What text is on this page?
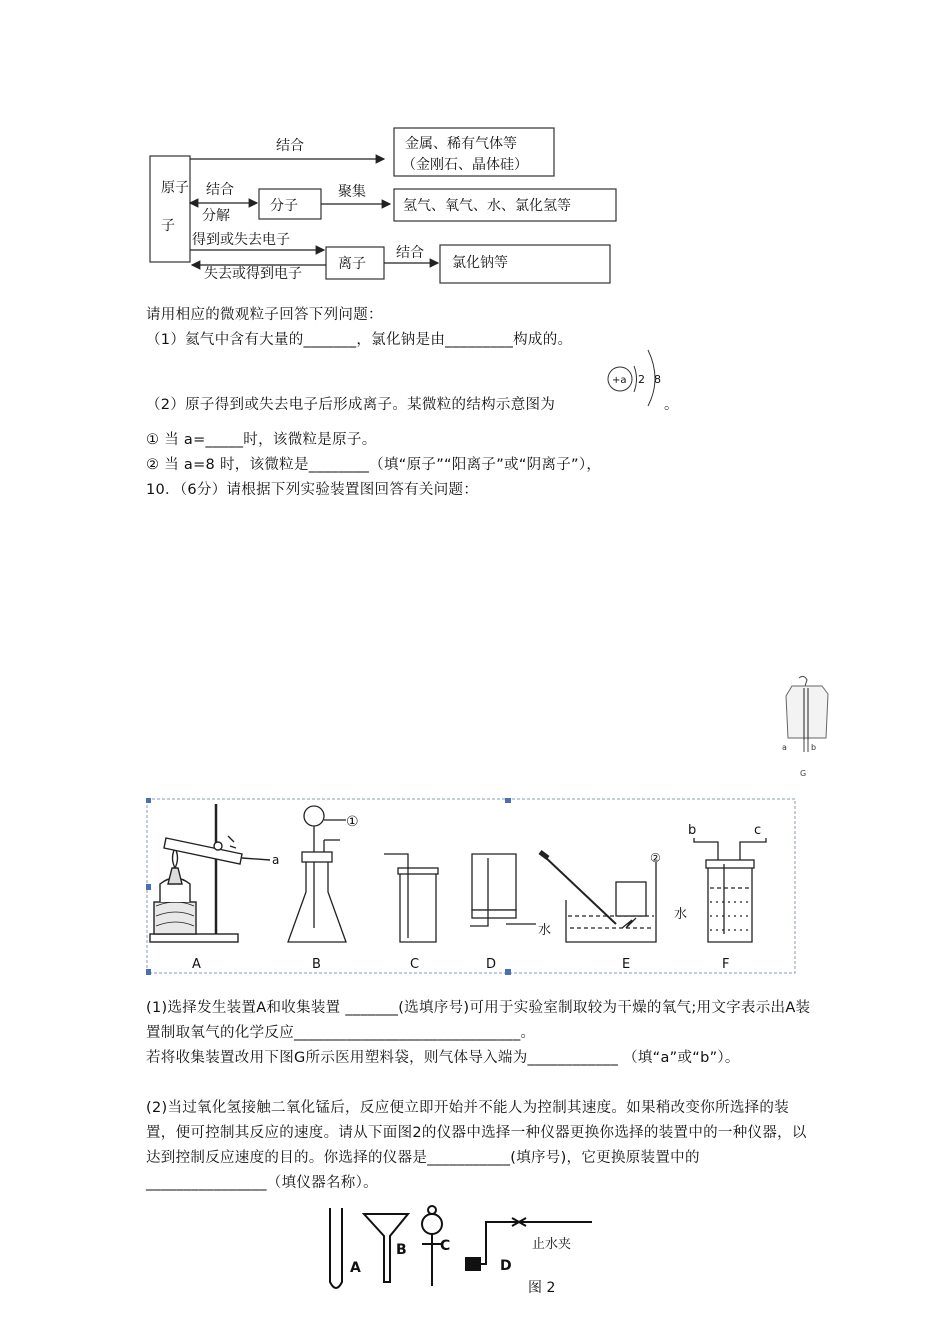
原子
结合	金属、稀有气体等
（金刚石、晶体硅）
结合
分解
分子
聚集
氢气、氧气、水、氯化氢等
得到或失去电子
失去或得到电子
离子
结合
氯化钠等
子
请用相应的微观粒子回答下列问题：
（1）氦气中含有大量的_______，氯化钠是由_________构成的。
（2）原子得到或失去电子后形成离子。某微粒的结构示意图为
+a 2 8
。
① 当 a=_____时，该微粒是原子。
② 当 a=8 时，该微粒是________（填“原子”“阳离子”或“阴离子”），
10．（6分）请根据下列实验装置图回答有关问题：
a	b
G
a
A
①
B	C	D
②
水
E
b	c
水
F
(1)选择发生装置A和收集装置 _______(选填序号)可用于实验室制取较为干燥的氧气;用文字表示出A装置制取氧气的化学反应______________________________。
若将收集装置改用下图G所示医用塑料袋，则气体导入端为____________ （填“a”或“b”）。
(2)当过氧化氢接触二氧化锰后，反应便立即开始并不能人为控制其速度。如果稍改变你所选择的装置，便可控制其反应的速度。请从下面图2的仪器中选择一种仪器更换你选择的装置中的一种仪器，以达到控制反应速度的目的。你选择的仪器是___________(填序号)，它更换原装置中的________________（填仪器名称）。
A
B C
D
止水夹
图 2
